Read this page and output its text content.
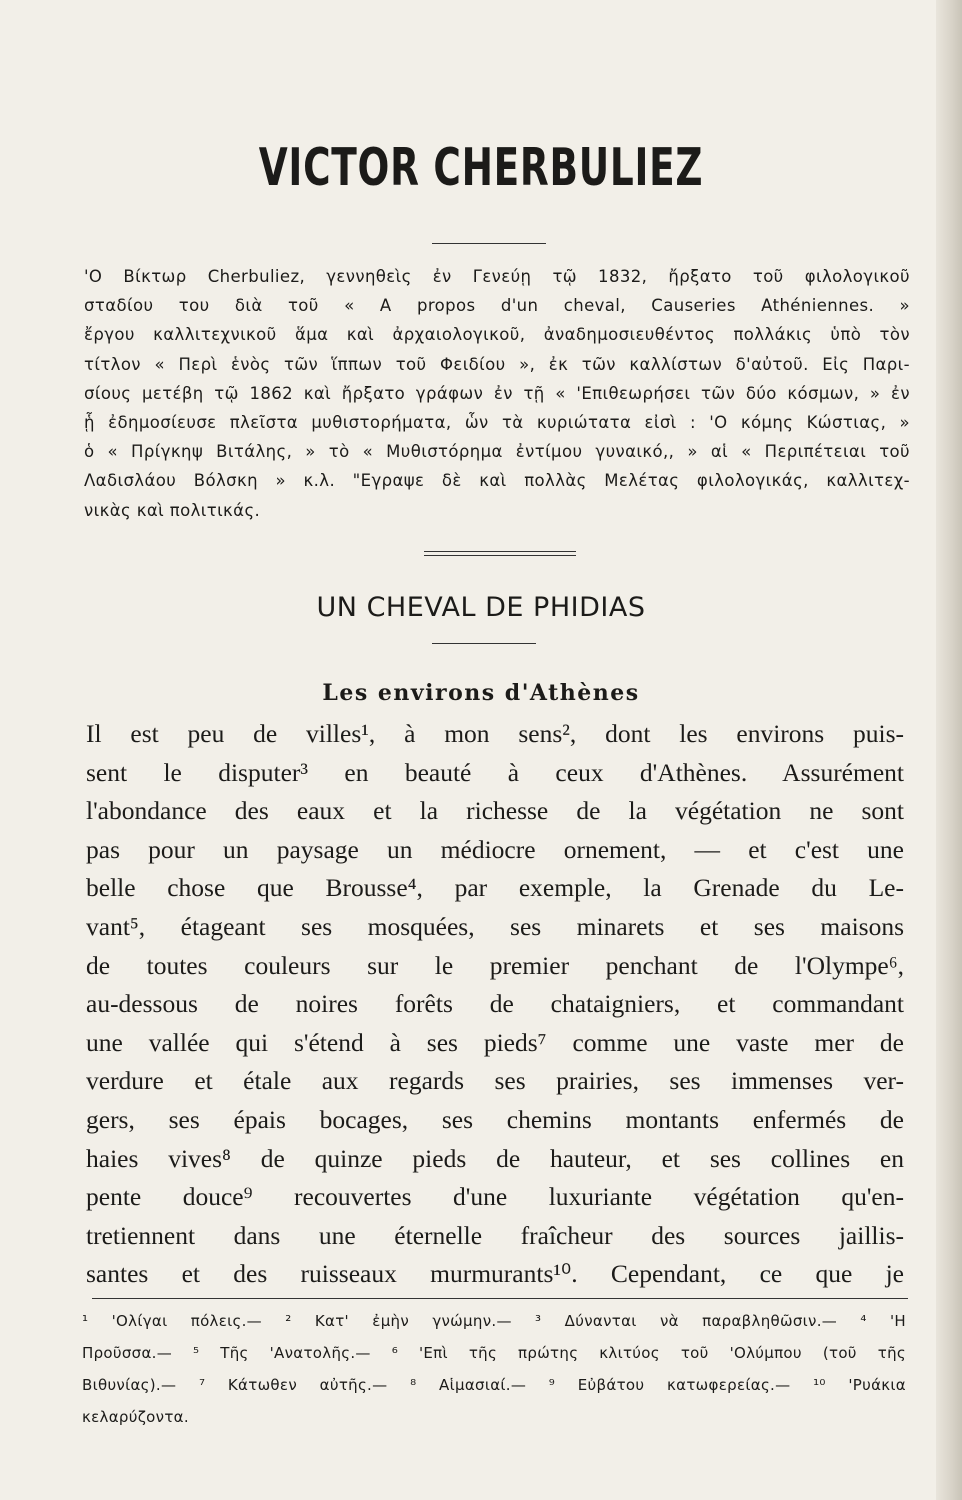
VICTOR CHERBULIEZ
'Ο Βίκτωρ Cherbuliez, γεννηθεὶς ἐν Γενεύῃ τῷ 1832, ἤρξατο τοῦ φιλολογικοῦ
σταδίου του διὰ τοῦ « A propos d'un cheval, Causeries Athéniennes. »
ἔργου καλλιτεχνικοῦ ἅμα καὶ ἀρχαιολογικοῦ, ἀναδημοσιευθέντος πολλάκις ὑπὸ τὸν
τίτλον « Περὶ ἑνὸς τῶν ἵππων τοῦ Φειδίου », ἐκ τῶν καλλίστων δ'αὐτοῦ. Εἰς Παρι-
σίους μετέβη τῷ 1862 καὶ ἤρξατο γράφων ἐν τῇ « 'Επιθεωρήσει τῶν δύο κόσμων, » ἐν
ᾗ ἐδημοσίευσε πλεῖστα μυθιστορήματα, ὧν τὰ κυριώτατα εἰσὶ : 'Ο κόμης Κώστιας, »
ὁ « Πρίγκηψ Βιτάλης, » τὸ « Μυθιστόρημα ἐντίμου γυναικό,, » αἱ « Περιπέτειαι τοῦ
Λαδισλάου Βόλσκη » κ.λ. "Εγραψε δὲ καὶ πολλὰς Μελέτας φιλολογικάς, καλλιτεχ-
νικὰς καὶ πολιτικάς.
UN CHEVAL DE PHIDIAS
Les environs d'Athènes
Il est peu de villes¹, à mon sens², dont les environs puis-
sent le disputer³ en beauté à ceux d'Athènes. Assurément
l'abondance des eaux et la richesse de la végétation ne sont
pas pour un paysage un médiocre ornement, — et c'est une
belle chose que Brousse⁴, par exemple, la Grenade du Le-
vant⁵, étageant ses mosquées, ses minarets et ses maisons
de toutes couleurs sur le premier penchant de l'Olympe⁶,
au-dessous de noires forêts de chataigniers, et commandant
une vallée qui s'étend à ses pieds⁷ comme une vaste mer de
verdure et étale aux regards ses prairies, ses immenses ver-
gers, ses épais bocages, ses chemins montants enfermés de
haies vives⁸ de quinze pieds de hauteur, et ses collines en
pente douce⁹ recouvertes d'une luxuriante végétation qu'en-
tretiennent dans une éternelle fraîcheur des sources jaillis-
santes et des ruisseaux murmurants¹⁰. Cependant, ce que je
¹ 'Ολίγαι πόλεις.— ² Κατ' ἐμὴν γνώμην.— ³ Δύνανται νὰ παραβληθῶσιν.— ⁴ 'Η
Προῦσσα.— ⁵ Τῆς 'Ανατολῆς.— ⁶ 'Επὶ τῆς πρώτης κλιτύος τοῦ 'Ολύμπου (τοῦ τῆς
Βιθυνίας).— ⁷ Κάτωθεν αὐτῆς.— ⁸ Αἱμασιαί.— ⁹ Εὐβάτου κατωφερείας.— ¹⁰ 'Ρυάκια
κελαρύζοντα.
